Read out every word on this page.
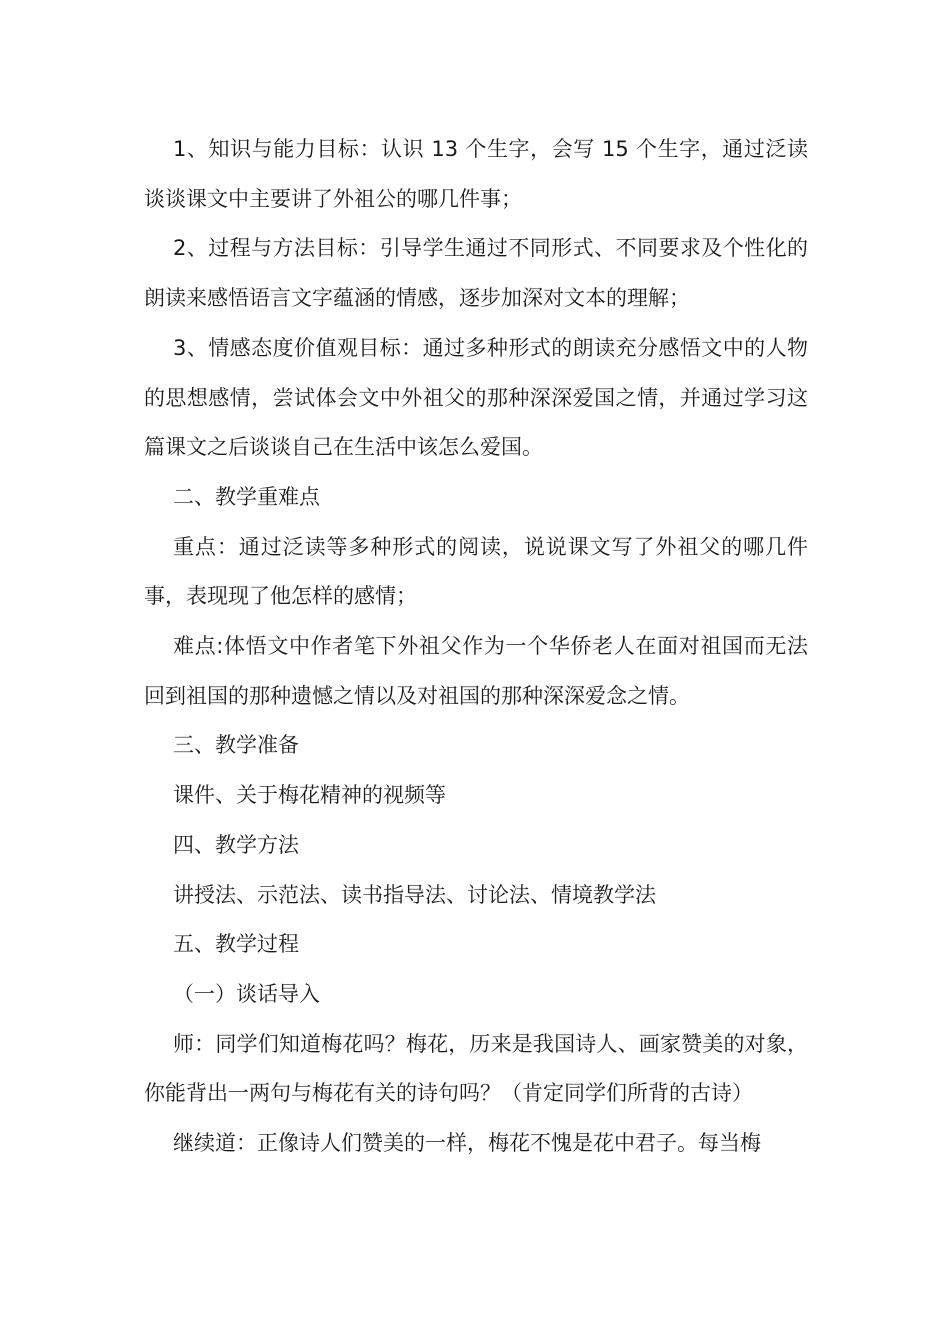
1、知识与能力目标：认识 13 个生字，会写 15 个生字，通过泛读谈谈课文中主要讲了外祖公的哪几件事；

2、过程与方法目标：引导学生通过不同形式、不同要求及个性化的朗读来感悟语言文字蕴涵的情感，逐步加深对文本的理解；

3、情感态度价值观目标：通过多种形式的朗读充分感悟文中的人物的思想感情，尝试体会文中外祖父的那种深深爱国之情，并通过学习这篇课文之后谈谈自己在生活中该怎么爱国。

二、教学重难点

重点：通过泛读等多种形式的阅读，说说课文写了外祖父的哪几件事，表现现了他怎样的感情；

难点:体悟文中作者笔下外祖父作为一个华侨老人在面对祖国而无法回到祖国的那种遗憾之情以及对祖国的那种深深爱念之情。

三、教学准备

课件、关于梅花精神的视频等

四、教学方法

讲授法、示范法、读书指导法、讨论法、情境教学法

五、教学过程

（一）谈话导入

师：同学们知道梅花吗？梅花，历来是我国诗人、画家赞美的对象，你能背出一两句与梅花有关的诗句吗？（肯定同学们所背的古诗）

继续道：正像诗人们赞美的一样，梅花不愧是花中君子。每当梅
